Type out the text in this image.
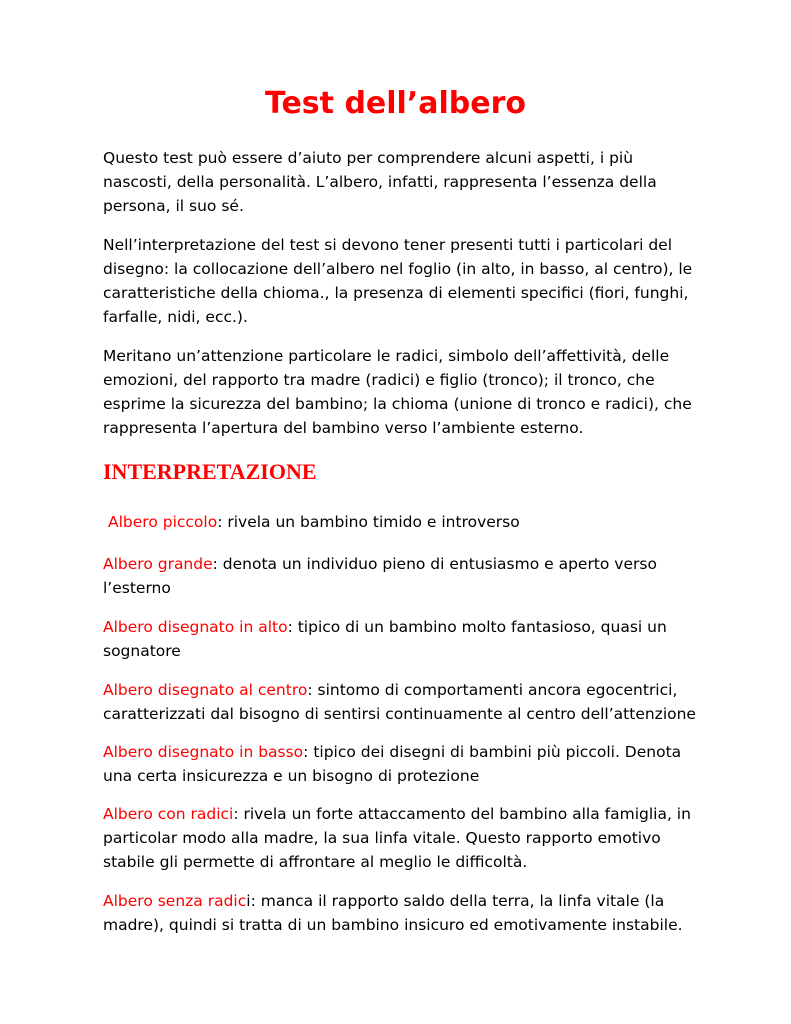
Test dell’albero
Questo test può essere d’aiuto per comprendere alcuni aspetti, i più nascosti, della personalità. L’albero, infatti, rappresenta l’essenza della persona, il suo sé.
Nell’interpretazione del test si devono tener presenti tutti i particolari del disegno: la collocazione dell’albero nel foglio (in alto, in basso, al centro), le caratteristiche della chioma., la presenza di elementi specifici (fiori, funghi, farfalle, nidi, ecc.).
Meritano un’attenzione particolare le radici, simbolo dell’affettività, delle emozioni, del rapporto tra madre (radici) e figlio (tronco); il tronco, che esprime la sicurezza del bambino; la chioma (unione di tronco e radici), che rappresenta l’apertura del bambino verso l’ambiente esterno.
INTERPRETAZIONE
Albero piccolo: rivela un bambino timido e introverso
Albero grande: denota un individuo pieno di entusiasmo e aperto verso l’esterno
Albero disegnato in alto: tipico di un bambino molto fantasioso, quasi un sognatore
Albero disegnato al centro: sintomo di comportamenti ancora egocentrici, caratterizzati dal bisogno di sentirsi continuamente al centro dell’attenzione
Albero disegnato in basso: tipico dei disegni di bambini più piccoli. Denota una certa insicurezza e un bisogno di protezione
Albero con radici: rivela un forte attaccamento del bambino alla famiglia, in particolar modo alla madre, la sua linfa vitale. Questo rapporto emotivo stabile gli permette di affrontare al meglio le difficoltà.
Albero senza radici: manca il rapporto saldo della terra, la linfa vitale (la madre), quindi si tratta di un bambino insicuro ed emotivamente instabile.
